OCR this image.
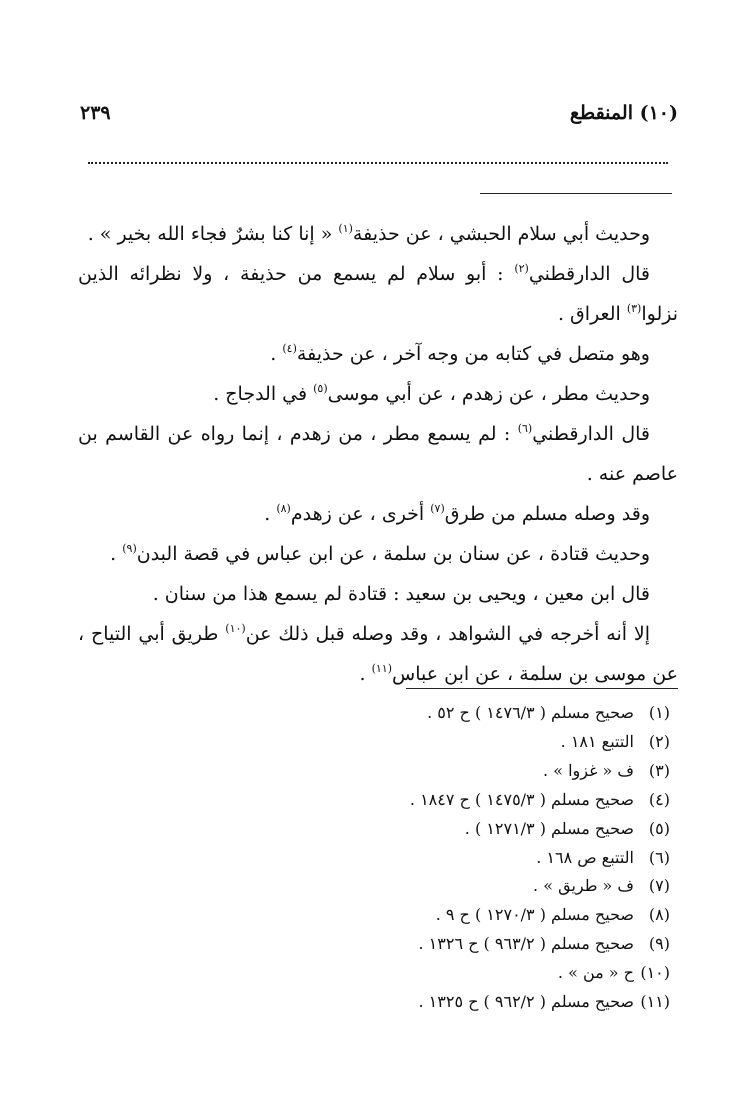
٢٣٩	(١٠) المنقطع

وحديث أبي سلام الحبشي ، عن حذيفة$^{(١)}$ « إنا كنا بشرٌ فجاء الله بخير » .

قال الدارقطني$^{(٢)}$ : أبو سلام لم يسمع من حذيفة ، ولا نظرائه الذين نزلوا$^{(٣)}$ العراق .

وهو متصل في كتابه من وجه آخر ، عن حذيفة$^{(٤)}$ .

وحديث مطر ، عن زهدم ، عن أبي موسى$^{(٥)}$ في الدجاج .

قال الدارقطني$^{(٦)}$ : لم يسمع مطر ، من زهدم ، إنما رواه عن القاسم بن عاصم عنه .

وقد وصله مسلم من طرق$^{(٧)}$ أخرى ، عن زهدم$^{(٨)}$ .

وحديث قتادة ، عن سنان بن سلمة ، عن ابن عباس في قصة البدن$^{(٩)}$ .

قال ابن معين ، ويحيى بن سعيد : قتادة لم يسمع هذا من سنان .

إلا أنه أخرجه في الشواهد ، وقد وصله قبل ذلك عن$^{(١٠)}$ طريق أبي التياح ، عن موسى بن سلمة ، عن ابن عباس$^{(١١)}$ .

(١)
صحيح مسلم ( ١٤٧٦/٣ ) ح ٥٢ .
(٢)
التتبع ١٨١ .
(٣)
ف « غزوا » .
(٤)
صحيح مسلم ( ١٤٧٥/٣ ) ح ١٨٤٧ .
(٥)
صحيح مسلم ( ١٢٧١/٣ ) .
(٦)
التتبع ص ١٦٨ .
(٧)
ف « طريق » .
(٨)
صحيح مسلم ( ١٢٧٠/٣ ) ح ٩ .
(٩)
صحيح مسلم ( ٩٦٣/٢ ) ح ١٣٢٦ .
(١٠)
ح « من » .
(١١)
صحيح مسلم ( ٩٦٢/٢ ) ح ١٣٢٥ .
